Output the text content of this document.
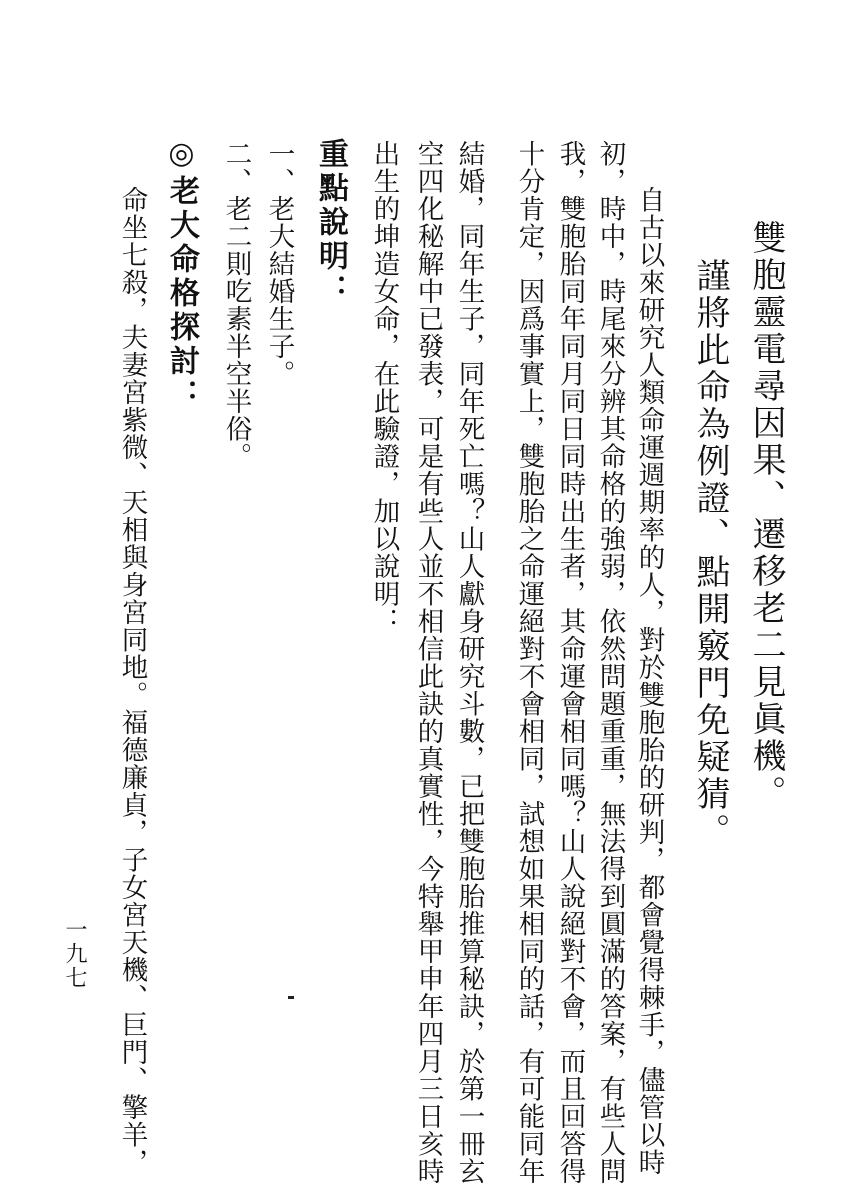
雙胞靈電尋因果、遷移老二見眞機。
謹將此命為例證、點開竅門免疑猜。
自古以來研究人類命運週期率的人，對於雙胞胎的研判，都會覺得棘手，儘管以時
初，時中，時尾來分辨其命格的強弱，依然問題重重，無法得到圓滿的答案，有些人問
我，雙胞胎同年同月同日同時出生者，其命運會相同嗎？山人說絕對不會，而且回答得
十分肯定，因爲事實上，雙胞胎之命運絕對不會相同，試想如果相同的話，有可能同年
結婚，同年生子，同年死亡嗎？山人獻身研究斗數，已把雙胞胎推算秘訣，於第一冊玄
空四化秘解中已發表，可是有些人並不相信此訣的真實性，今特舉甲申年四月三日亥時
出生的坤造女命，在此驗證，加以說明：
重點說明：
一、老大結婚生子。
二、老二則吃素半空半俗。
◎老大命格探討：
命坐七殺，夫妻宮紫微、天相與身宮同地。福德廉貞，子女宮天機、巨門、擎羊，
一九七
